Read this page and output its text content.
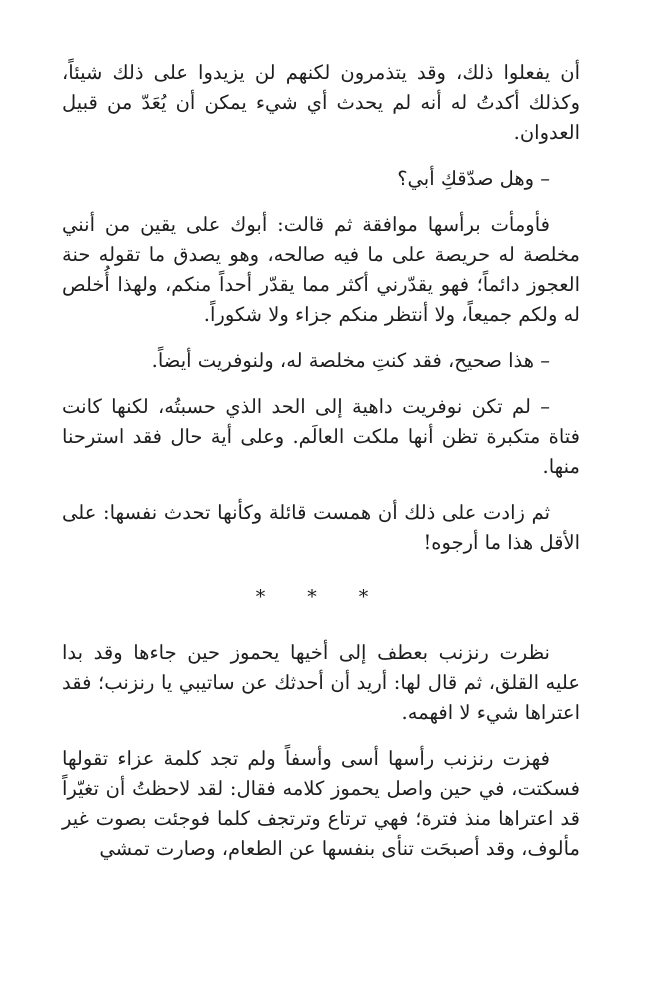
أن يفعلوا ذلك، وقد يتذمرون لكنهم لن يزيدوا على ذلك شيئاً، وكذلك أكدتُ له أنه لم يحدث أي شيء يمكن أن يُعَدّ من قبيل العدوان.

– وهل صدّقكِ أبي؟

فأومأت برأسها موافقة ثم قالت: أبوك على يقين من أنني مخلصة له حريصة على ما فيه صالحه، وهو يصدق ما تقوله حنة العجوز دائماً؛ فهو يقدّرني أكثر مما يقدّر أحداً منكم، ولهذا أُخلص له ولكم جميعاً، ولا أنتظر منكم جزاء ولا شكوراً.

– هذا صحيح، فقد كنتِ مخلصة له، ولنوفريت أيضاً.

– لم تكن نوفريت داهية إلى الحد الذي حسبتُه، لكنها كانت فتاة متكبرة تظن أنها ملكت العالَم. وعلى أية حال فقد استرحنا منها.

ثم زادت على ذلك أن همست قائلة وكأنها تحدث نفسها: على الأقل هذا ما أرجوه!

* * *

نظرت رنزنب بعطف إلى أخيها يحموز حين جاءها وقد بدا عليه القلق، ثم قال لها: أريد أن أحدثك عن ساتيبي يا رنزنب؛ فقد اعتراها شيء لا افهمه.

فهزت رنزنب رأسها أسى وأسفاً ولم تجد كلمة عزاء تقولها فسكتت، في حين واصل يحموز كلامه فقال: لقد لاحظتُ أن تغيّراً قد اعتراها منذ فترة؛ فهي ترتاع وترتجف كلما فوجئت بصوت غير مألوف، وقد أصبحَت تنأى بنفسها عن الطعام، وصارت تمشي
